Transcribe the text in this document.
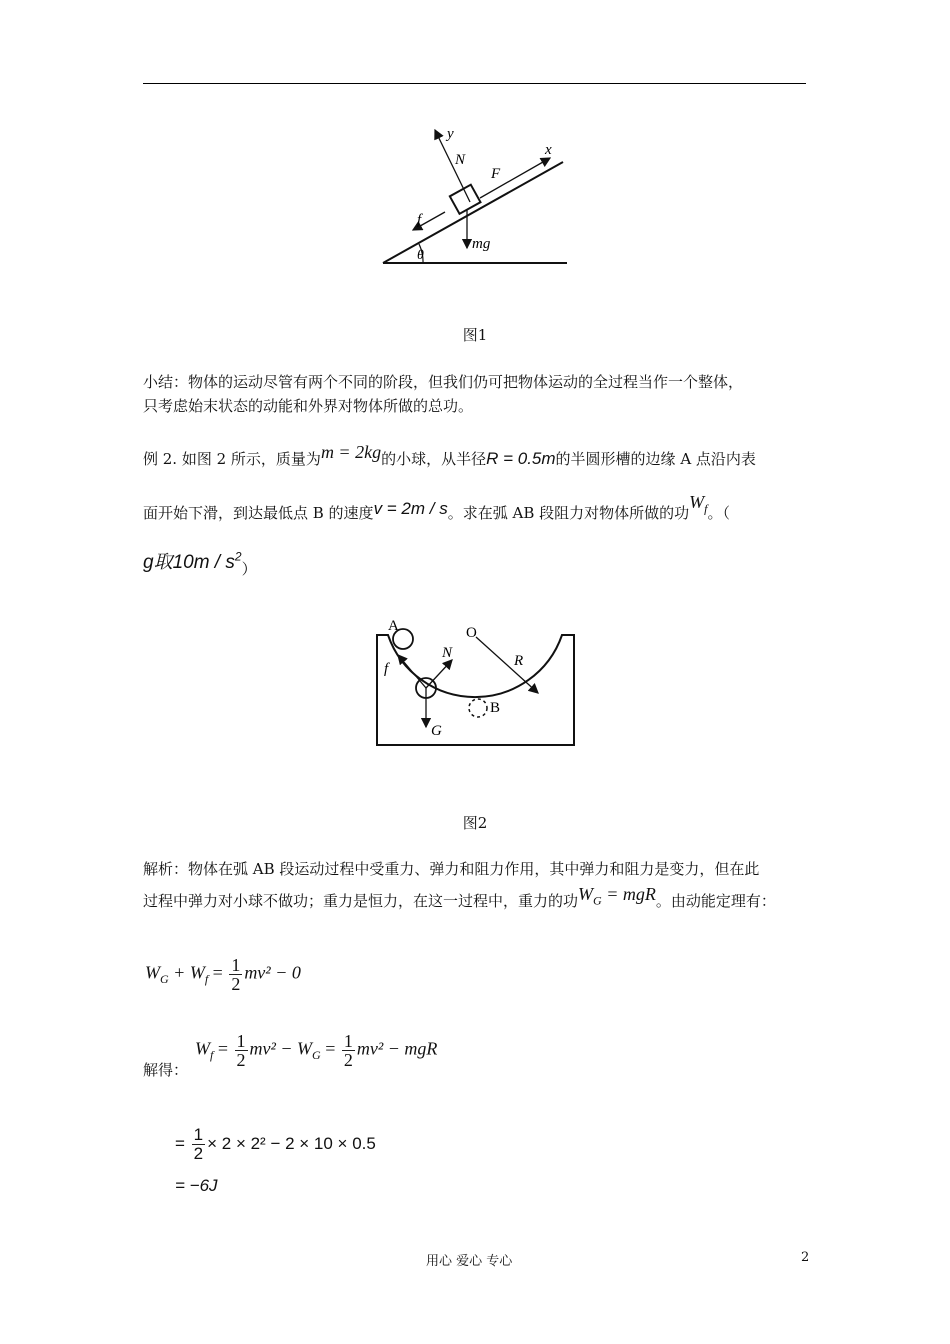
y
N
F
x
f
mg
θ
图1
小结：物体的运动尽管有两个不同的阶段，但我们仍可把物体运动的全过程当作一个整体，
只考虑始末状态的动能和外界对物体所做的总功。
例 2. 如图 2 所示，质量为m = 2kg的小球，从半径R = 0.5m的半圆形槽的边缘 A 点沿内表
面开始下滑，到达最低点 B 的速度v = 2m / s。求在弧 AB 段阻力对物体所做的功$W_f$。（
g取$10m / s^2$）
A	O
N	R
f
G
B
图2
解析：物体在弧 AB 段运动过程中受重力、弹力和阻力作用，其中弹力和阻力是变力，但在此
过程中弹力对小球不做功；重力是恒力，在这一过程中，重力的功$W_G$ = mgR。由动能定理有：
$W_G + W_f = \frac{1}{2} mv^2 - 0$
解得：
$W_f = \frac{1}{2} mv^2 - W_G = \frac{1}{2} mv^2$ − mgR
= $\frac{1}{2} \times 2 \times 2^2 - 2 \times 10 \times 0.5$
= −6J
用心 爱心 专心	2
